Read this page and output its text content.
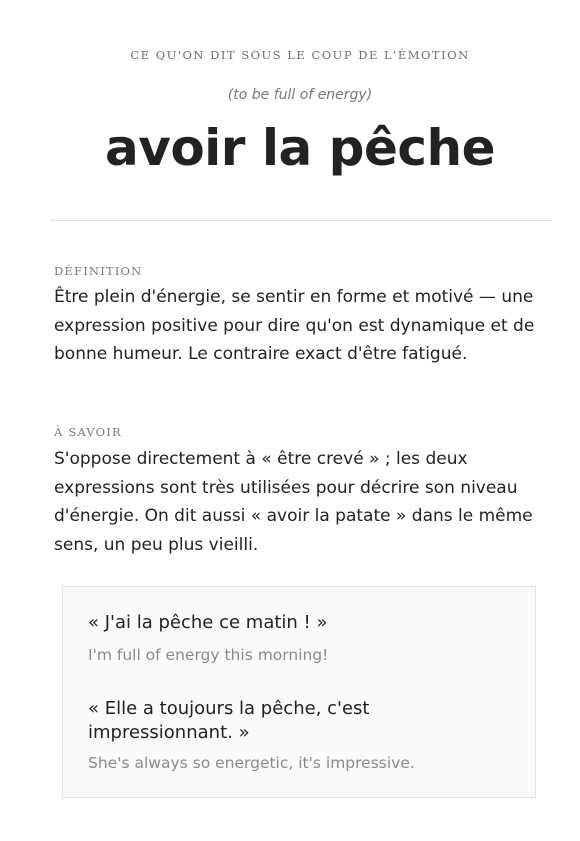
CE QU'ON DIT SOUS LE COUP DE L'ÉMOTION
(to be full of energy)
avoir la pêche
DÉFINITION
Être plein d'énergie, se sentir en forme et motivé — une expression positive pour dire qu'on est dynamique et de bonne humeur. Le contraire exact d'être fatigué.
À SAVOIR
S'oppose directement à « être crevé » ; les deux expressions sont très utilisées pour décrire son niveau d'énergie. On dit aussi « avoir la patate » dans le même sens, un peu plus vieilli.
« J'ai la pêche ce matin ! »
I'm full of energy this morning!
« Elle a toujours la pêche, c'est impressionnant. »
She's always so energetic, it's impressive.
